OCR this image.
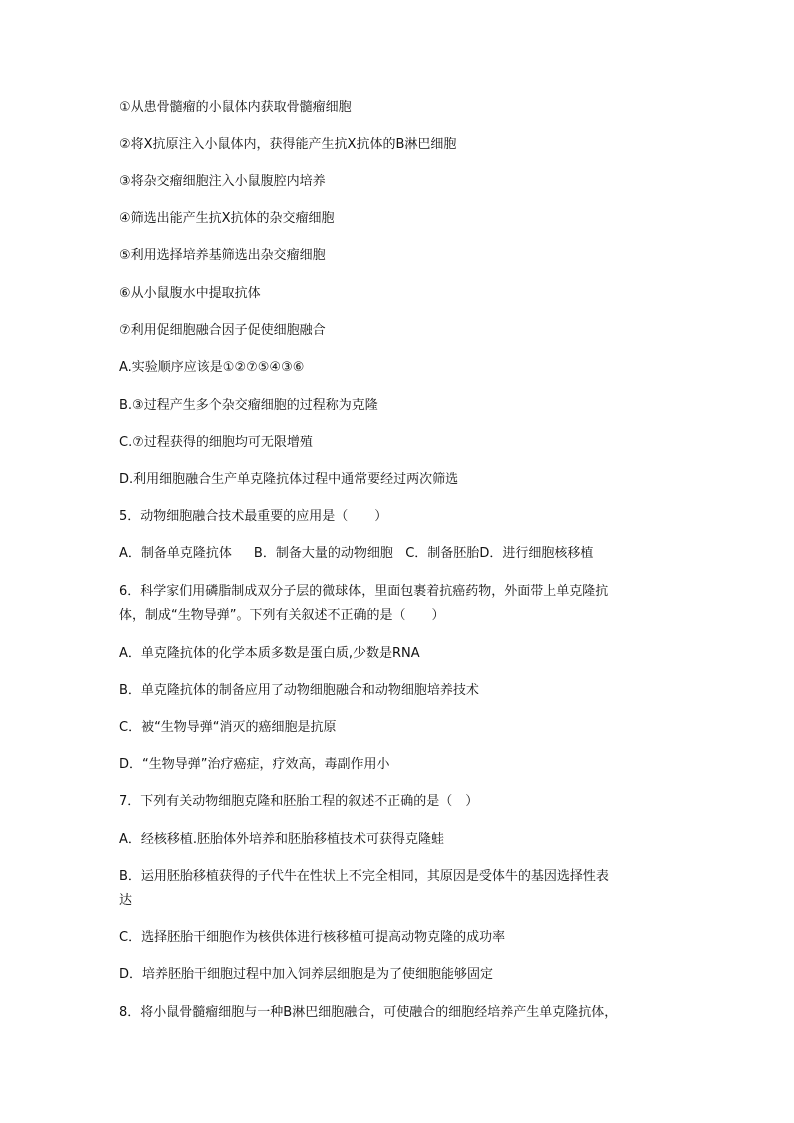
①从患骨髓瘤的小鼠体内获取骨髓瘤细胞
②将X抗原注入小鼠体内，获得能产生抗X抗体的B淋巴细胞
③将杂交瘤细胞注入小鼠腹腔内培养
④筛选出能产生抗X抗体的杂交瘤细胞
⑤利用选择培养基筛选出杂交瘤细胞
⑥从小鼠腹水中提取抗体
⑦利用促细胞融合因子促使细胞融合
A.实验顺序应该是①②⑦⑤④③⑥
B.③过程产生多个杂交瘤细胞的过程称为克隆
C.⑦过程获得的细胞均可无限增殖
D.利用细胞融合生产单克隆抗体过程中通常要经过两次筛选
5．动物细胞融合技术最重要的应用是（　　）
A．制备单克隆抗体 B．制备大量的动物细胞 C．制备胚胎D．进行细胞核移植
6．科学家们用磷脂制成双分子层的微球体，里面包裹着抗癌药物，外面带上单克隆抗
体，制成“生物导弹”。下列有关叙述不正确的是（　　）
A．单克隆抗体的化学本质多数是蛋白质,少数是RNA
B．单克隆抗体的制备应用了动物细胞融合和动物细胞培养技术
C．被“生物导弹“消灭的癌细胞是抗原
D．“生物导弹”治疗癌症，疗效高，毒副作用小
7．下列有关动物细胞克隆和胚胎工程的叙述不正确的是（　）
A．经核移植.胚胎体外培养和胚胎移植技术可获得克隆蛙
B．运用胚胎移植获得的子代牛在性状上不完全相同，其原因是受体牛的基因选择性表
达
C．选择胚胎干细胞作为核供体进行核移植可提高动物克隆的成功率
D．培养胚胎干细胞过程中加入饲养层细胞是为了使细胞能够固定
8．将小鼠骨髓瘤细胞与一种B淋巴细胞融合，可使融合的细胞经培养产生单克隆抗体，
